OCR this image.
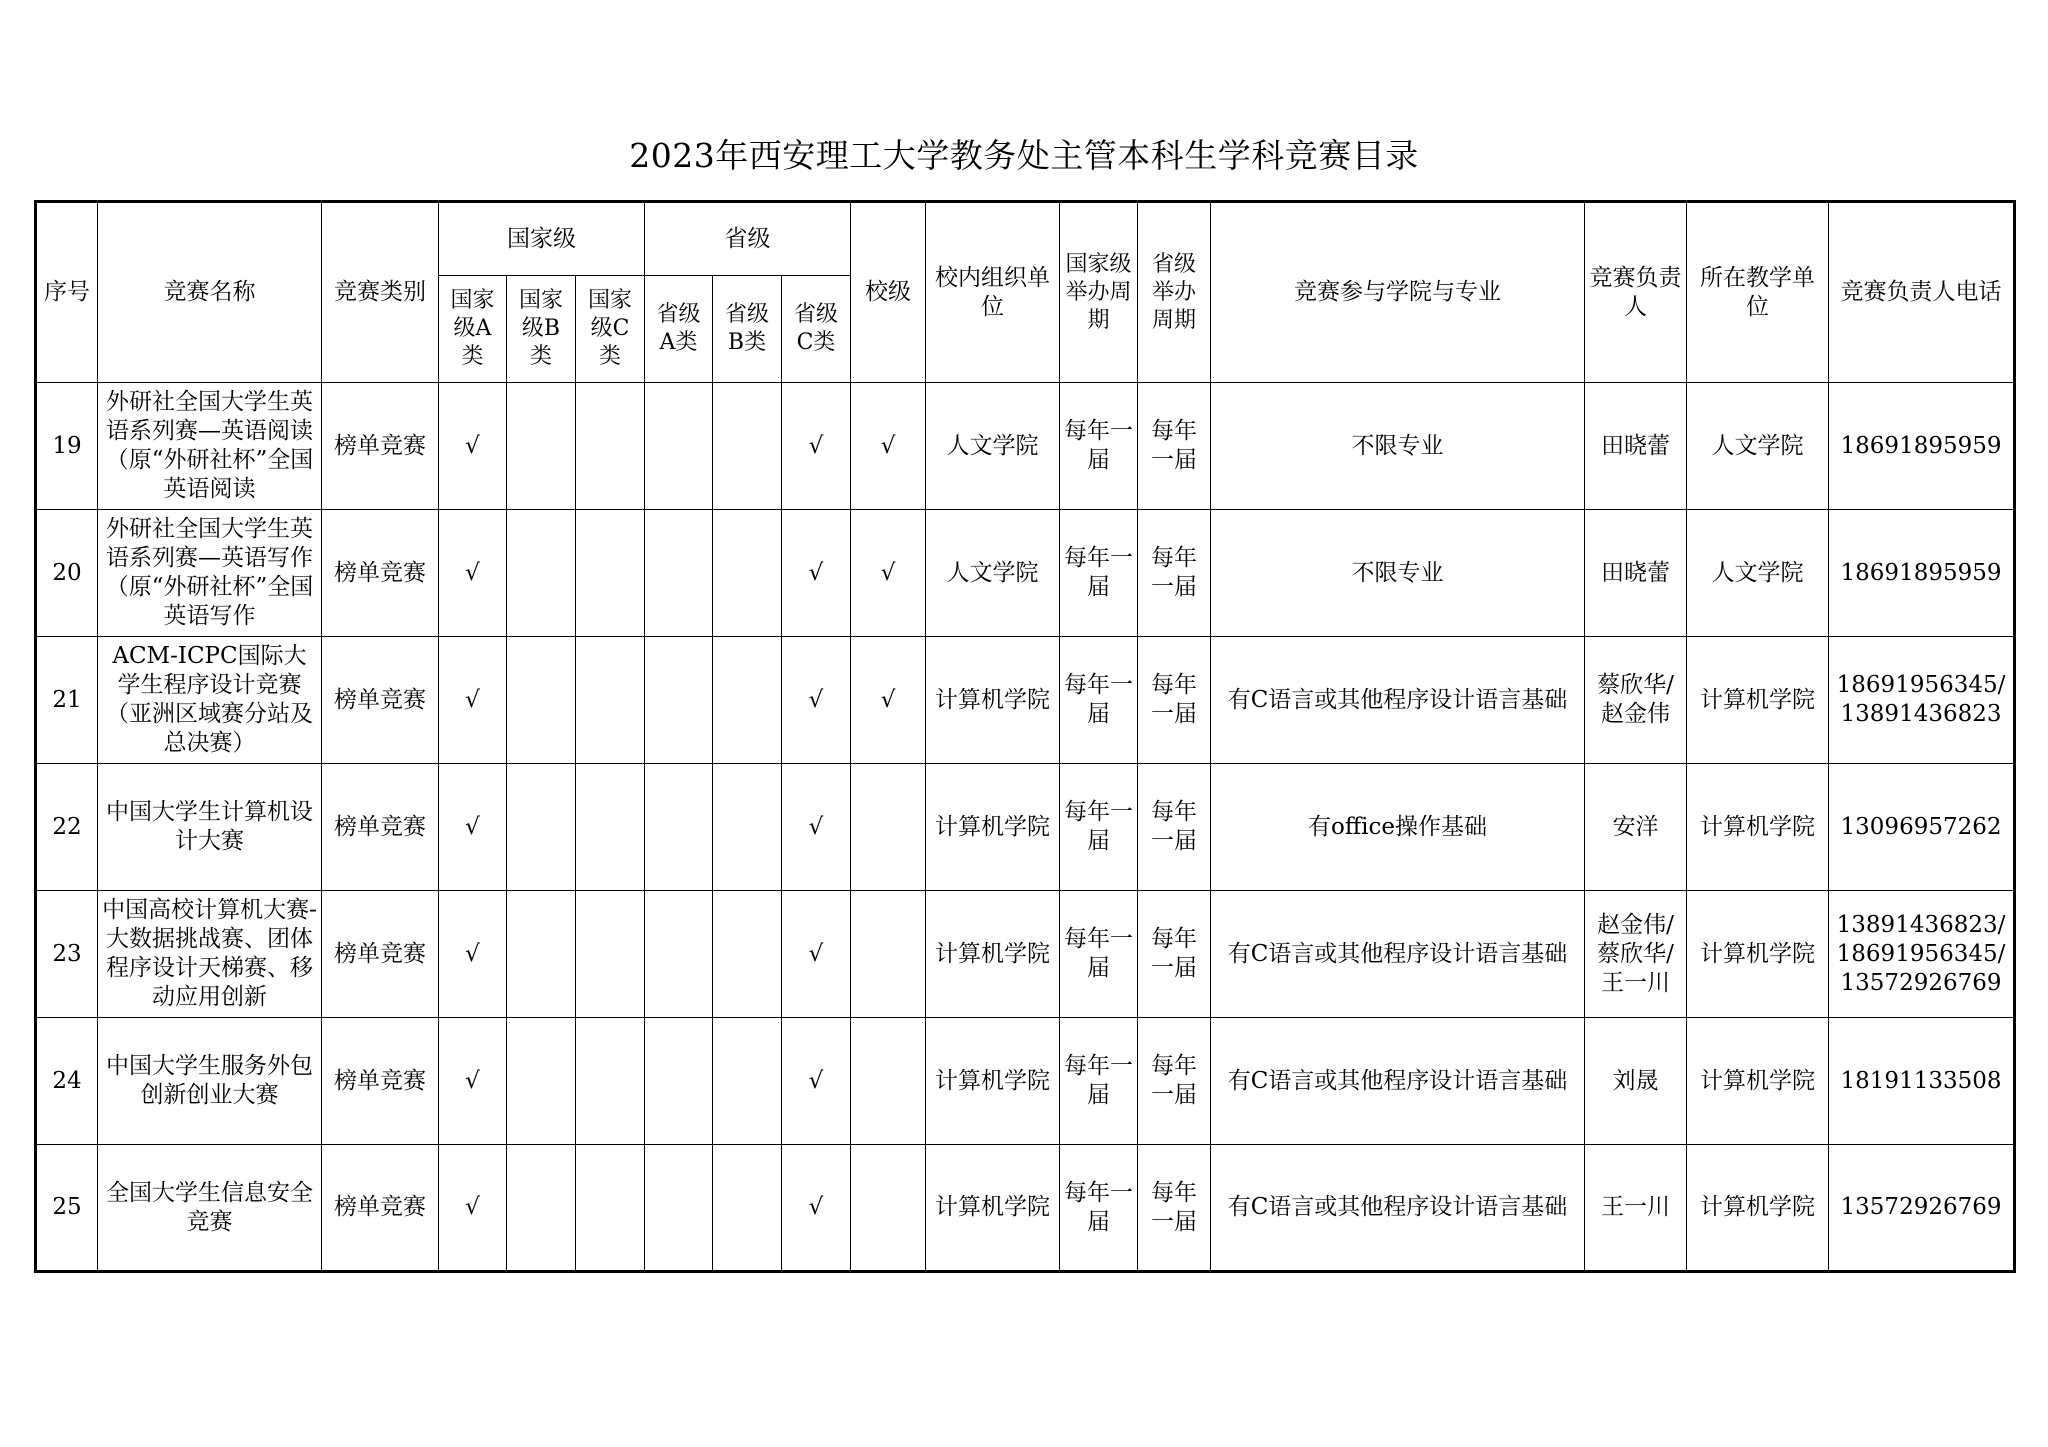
2023年西安理工大学教务处主管本科生学科竞赛目录
序号	竞赛名称	竞赛类别	国家级			省级			校级	校内组织单位	国家级举办周期	省级举办周期	竞赛参与学院与专业	竞赛负责人	所在教学单位	竞赛负责人电话
			国家级A类	国家级B类	国家级C类	省级A类	省级B类	省级C类								
19	外研社全国大学生英语系列赛—英语阅读（原“外研社杯”全国英语阅读	榜单竞赛	√					√	√	人文学院	每年一届	每年一届	不限专业	田晓蕾	人文学院	18691895959
20	外研社全国大学生英语系列赛—英语写作（原“外研社杯”全国英语写作	榜单竞赛	√					√	√	人文学院	每年一届	每年一届	不限专业	田晓蕾	人文学院	18691895959
21	ACM-ICPC国际大学生程序设计竞赛（亚洲区域赛分站及总决赛）	榜单竞赛	√					√	√	计算机学院	每年一届	每年一届	有C语言或其他程序设计语言基础	蔡欣华/赵金伟	计算机学院	18691956345/13891436823
22	中国大学生计算机设计大赛	榜单竞赛	√					√		计算机学院	每年一届	每年一届	有office操作基础	安洋	计算机学院	13096957262
23	中国高校计算机大赛-大数据挑战赛、团体程序设计天梯赛、移动应用创新	榜单竞赛	√					√		计算机学院	每年一届	每年一届	有C语言或其他程序设计语言基础	赵金伟/蔡欣华/王一川	计算机学院	13891436823/18691956345/13572926769
24	中国大学生服务外包创新创业大赛	榜单竞赛	√					√		计算机学院	每年一届	每年一届	有C语言或其他程序设计语言基础	刘晟	计算机学院	18191133508
25	全国大学生信息安全竞赛	榜单竞赛	√					√		计算机学院	每年一届	每年一届	有C语言或其他程序设计语言基础	王一川	计算机学院	13572926769
